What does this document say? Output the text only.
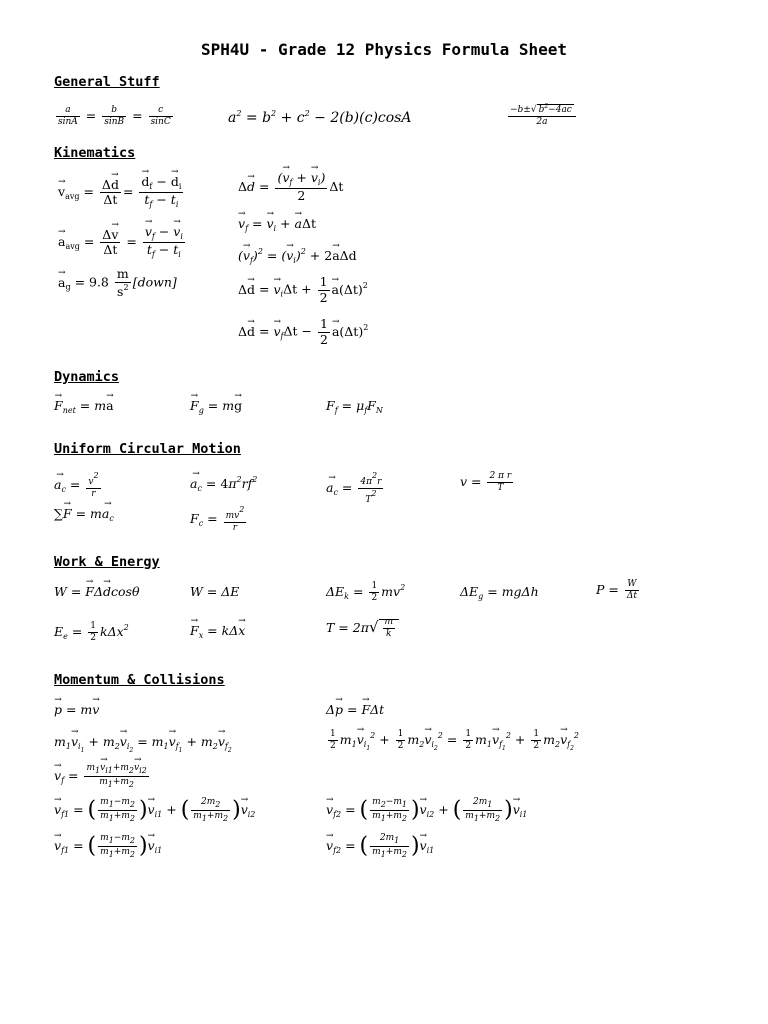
SPH4U - Grade 12 Physics Formula Sheet
General Stuff
$\frac{a}{\sin A} = \frac{b}{\sin B} = \frac{c}{\sin C}$	$a^2 = b^2 + c^2 - 2(b)(c)\cos A$	$\frac{-b\pm√ b^2-4ac}{2a}$
Kinematics
→ $v_{avg} = \frac{\Delta\to d}{\Delta t}$ =
→ $\frac{d_f - \to d_i}{t_f - t_i}$
→ $a_{avg} = \frac{\Delta\to v}{\Delta t}$ =
→ $\frac{v_f - \to v_i}{t_f - t_i}$
→ $a_g = 9.8 \frac{m}{s^2}$ [down]
$\Delta\to d = \frac{(\to v_f + \to v_i)}{2}$ Δt
→ $v_f$ = → $v_i$ + → aΔt
(→ $v_f)^2$ = (→ $v_i)^2 + 2\to a\Delta d$
Δ→ d = → $v_i\Delta t + \frac{1}{2}$
→ $a(\Delta t)^2$
Δ→ d = → $v_f\Delta t - \frac{1}{2}$
→ $a(\Delta t)^2$
Dynamics
→ $F_{net} = m\to a$
→	$F_g = m\to g$	$F_f = \mu_fF_N$
Uniform Circular Motion
→ $a_c = \frac{v2}{r}$
→	$a_c = 4\pi^2rf^2$
→ $a_c = \frac{4\pi 2r}{T2}$	$v = \frac{\text{2 π r}}{T}$
∑→ $F = m\to a_c$	$F_c = \frac{mv2}{r}$
Work & Energy
W = → FΔ→ dcosθ	W = ΔE	$\Delta E_k = \frac{1}{2} mv^2$	$\Delta E_g = mg\Delta h$	$P = \frac{W}{\Delta t}$
$E_e = \frac{1}{2} k\Delta x^2$
→	$F_x = k\Delta\to x$	$T = 2\pi√ \frac{m}{k}$
Momentum & Collisions
→ p = m→ v	Δ→ p = → FΔt
$m_1\to v_{i_1} + m_2\to v_{i_2} = m_1\to v_{f_1} + m_2\to v_{f_2}$	$\frac{1}{2} m_1\to v_{i_1}^2 + \frac{1}{2} m_2\to v_{i_2}^2 = \frac{1}{2} m_1\to v_{f_1}^2 + \frac{1}{2} m_2\to v_{f_2}^2$
→ $v_f = \frac{m1\to vi1+m2\to vi2}{m1+m2}$
→ $v_{f1}$ = ( $\frac{m1-m2}{m1+m2}$ )→ $v_{i1}$ + ( $\frac{2m2}{m1+m2}$ )→ $v_{i2}$
→	$v_{f2}$ = ( $\frac{m2-m1}{m1+m2}$ )→ $v_{i2}$ + ( $\frac{2m1}{m1+m2}$ )→ $v_{i1}$
→ $v_{f1}$ = ( $\frac{m1-m2}{m1+m2}$ )→ $v_{i1}$
→	$v_{f2}$ = ( $\frac{2m1}{m1+m2}$ )→ $v_{i1}$
